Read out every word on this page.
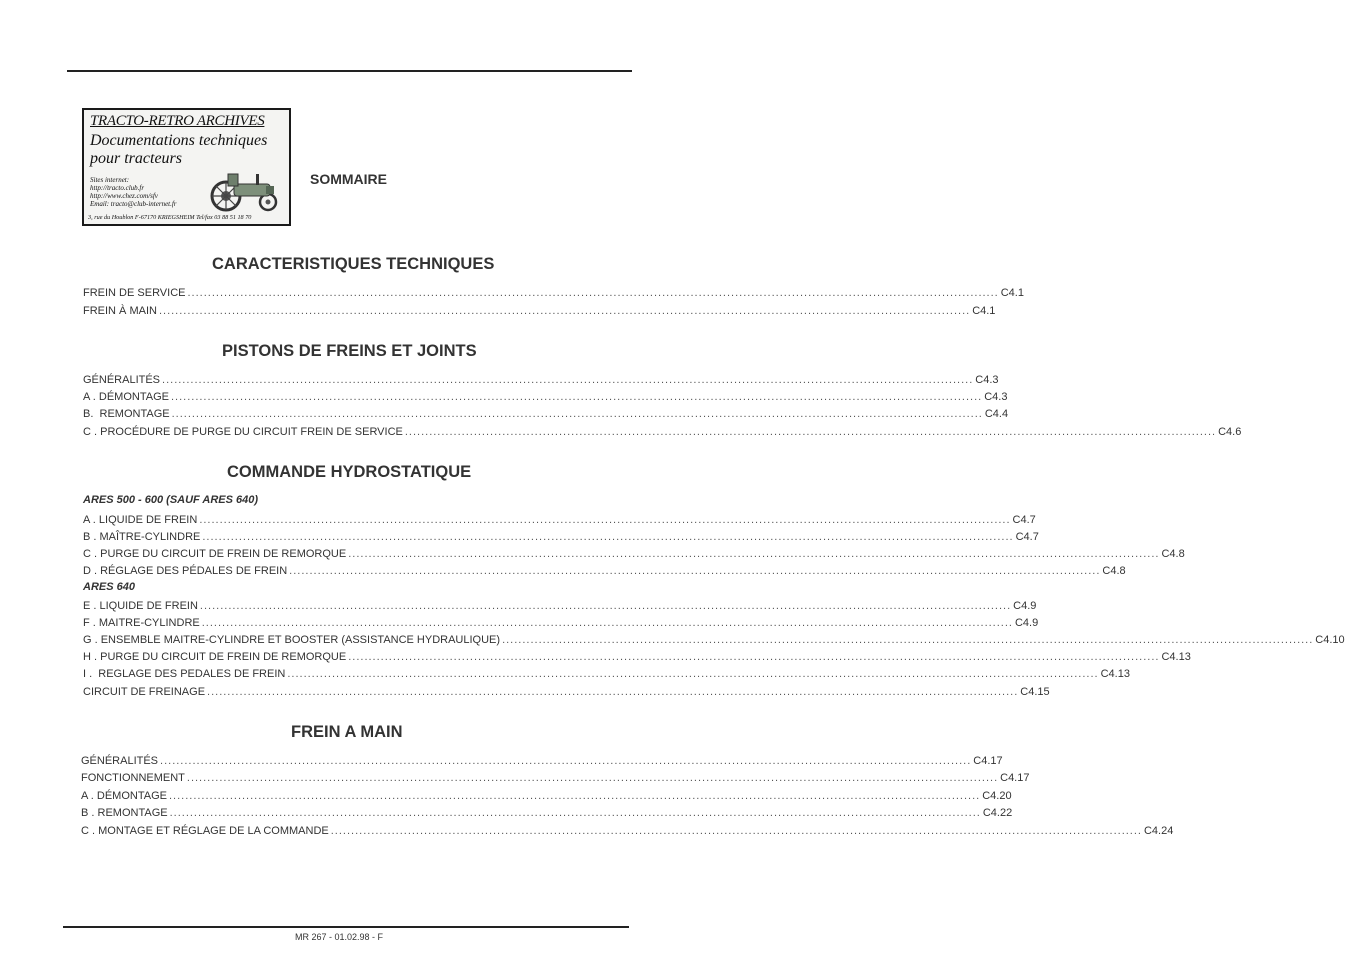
TRACTO-RETRO ARCHIVES
Documentations techniques
pour tracteurs
Sites internet:
http://tracto.club.fr
http://www.chez.com/sfv
Email: tracto@club-internet.fr
3, rue du Houblon F-67170 KRIEGSHEIM Tel/fax 03 88 51 18 70
SOMMAIRE
CARACTERISTIQUES TECHNIQUES
FREIN DE SERVICE ........................................................................................................................................................................................................ C4.1
FREIN À MAIN ........................................................................................................................................................................................................ C4.1
PISTONS DE FREINS ET JOINTS
GÉNÉRALITÉS ........................................................................................................................................................................................................ C4.3
A . DÉMONTAGE ........................................................................................................................................................................................................ C4.3
B.  REMONTAGE ........................................................................................................................................................................................................ C4.4
C . PROCÉDURE DE PURGE DU CIRCUIT FREIN DE SERVICE ........................................................................................................................................................................................................ C4.6
COMMANDE HYDROSTATIQUE
ARES 500 - 600 (SAUF ARES 640)
A . LIQUIDE DE FREIN ........................................................................................................................................................................................................ C4.7
B . MAÎTRE-CYLINDRE ........................................................................................................................................................................................................ C4.7
C . PURGE DU CIRCUIT DE FREIN DE REMORQUE ........................................................................................................................................................................................................ C4.8
D . RÉGLAGE DES PÉDALES DE FREIN ........................................................................................................................................................................................................ C4.8
ARES 640
E . LIQUIDE DE FREIN ........................................................................................................................................................................................................ C4.9
F . MAITRE-CYLINDRE ........................................................................................................................................................................................................ C4.9
G . ENSEMBLE MAITRE-CYLINDRE ET BOOSTER (ASSISTANCE HYDRAULIQUE) ........................................................................................................................................................................................................ C4.10
H . PURGE DU CIRCUIT DE FREIN DE REMORQUE ........................................................................................................................................................................................................ C4.13
I .  REGLAGE DES PEDALES DE FREIN ........................................................................................................................................................................................................ C4.13
CIRCUIT DE FREINAGE ........................................................................................................................................................................................................ C4.15
FREIN A MAIN
GÉNÉRALITÉS ........................................................................................................................................................................................................ C4.17
FONCTIONNEMENT ........................................................................................................................................................................................................ C4.17
A . DÉMONTAGE ........................................................................................................................................................................................................ C4.20
B . REMONTAGE ........................................................................................................................................................................................................ C4.22
C . MONTAGE ET RÉGLAGE DE LA COMMANDE ........................................................................................................................................................................................................ C4.24
MR 267 - 01.02.98 - F
